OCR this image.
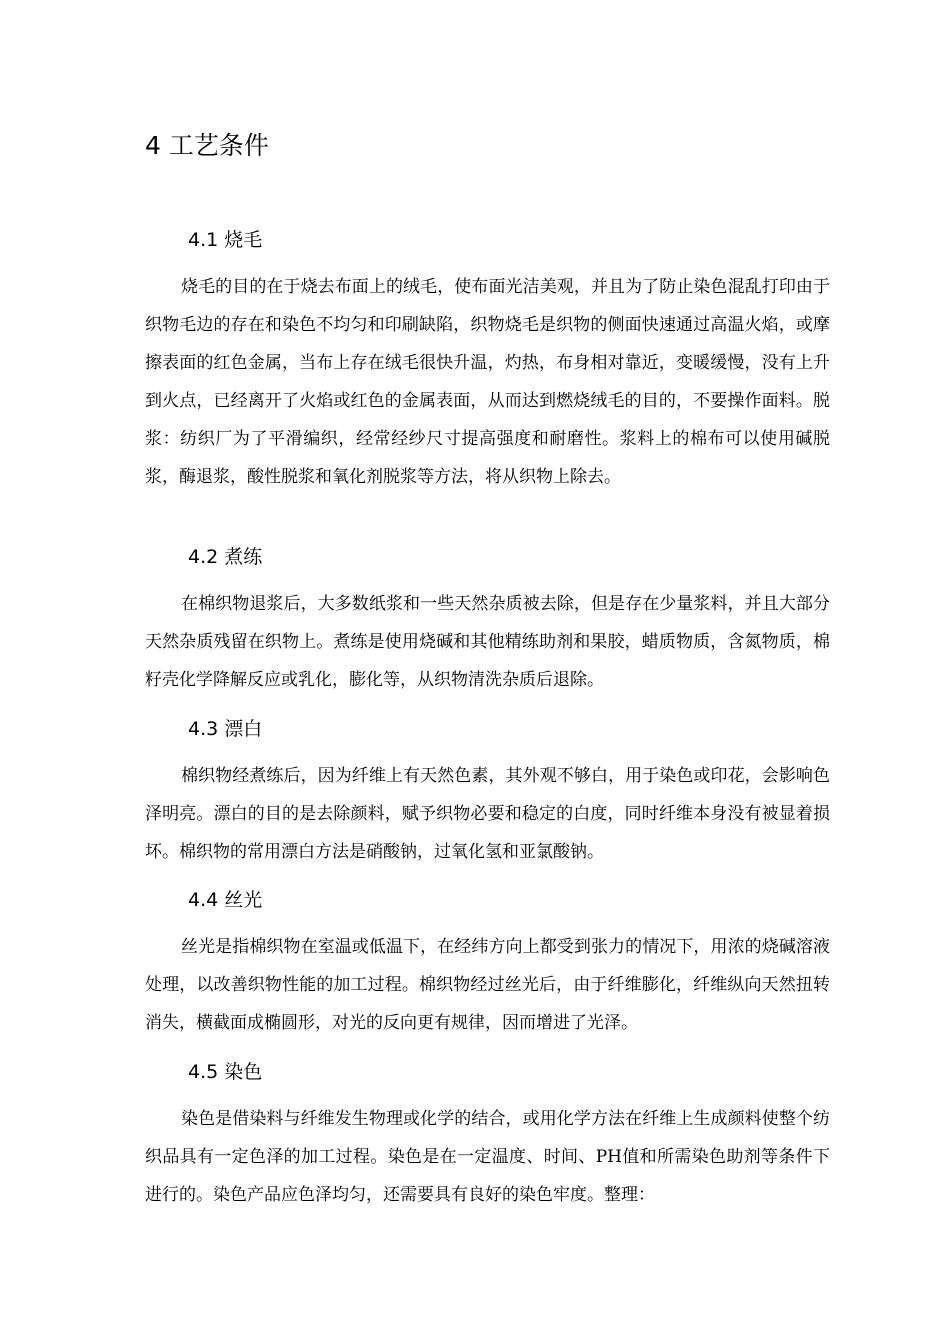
4 工艺条件
4.1 烧毛

烧毛的目的在于烧去布面上的绒毛，使布面光洁美观，并且为了防止染色混乱打印由于织物毛边的存在和染色不均匀和印刷缺陷，织物烧毛是织物的侧面快速通过高温火焰，或摩擦表面的红色金属，当布上存在绒毛很快升温，灼热，布身相对靠近，变暖缓慢，没有上升到火点，已经离开了火焰或红色的金属表面，从而达到燃烧绒毛的目的，不要操作面料。脱浆：纺织厂为了平滑编织，经常经纱尺寸提高强度和耐磨性。浆料上的棉布可以使用碱脱浆，酶退浆，酸性脱浆和氧化剂脱浆等方法，将从织物上除去。

4.2 煮练

在棉织物退浆后，大多数纸浆和一些天然杂质被去除，但是存在少量浆料，并且大部分天然杂质残留在织物上。煮练是使用烧碱和其他精练助剂和果胶，蜡质物质，含氮物质，棉籽壳化学降解反应或乳化，膨化等，从织物清洗杂质后退除。

4.3 漂白

棉织物经煮练后，因为纤维上有天然色素，其外观不够白，用于染色或印花，会影响色泽明亮。漂白的目的是去除颜料，赋予织物必要和稳定的白度，同时纤维本身没有被显着损坏。棉织物的常用漂白方法是硝酸钠，过氧化氢和亚氯酸钠。

4.4 丝光

丝光是指棉织物在室温或低温下，在经纬方向上都受到张力的情况下，用浓的烧碱溶液处理，以改善织物性能的加工过程。棉织物经过丝光后，由于纤维膨化，纤维纵向天然扭转消失，横截面成椭圆形，对光的反向更有规律，因而增进了光泽。

4.5 染色

染色是借染料与纤维发生物理或化学的结合，或用化学方法在纤维上生成颜料使整个纺织品具有一定色泽的加工过程。染色是在一定温度、时间、PH值和所需染色助剂等条件下进行的。染色产品应色泽均匀，还需要具有良好的染色牢度。整理：
